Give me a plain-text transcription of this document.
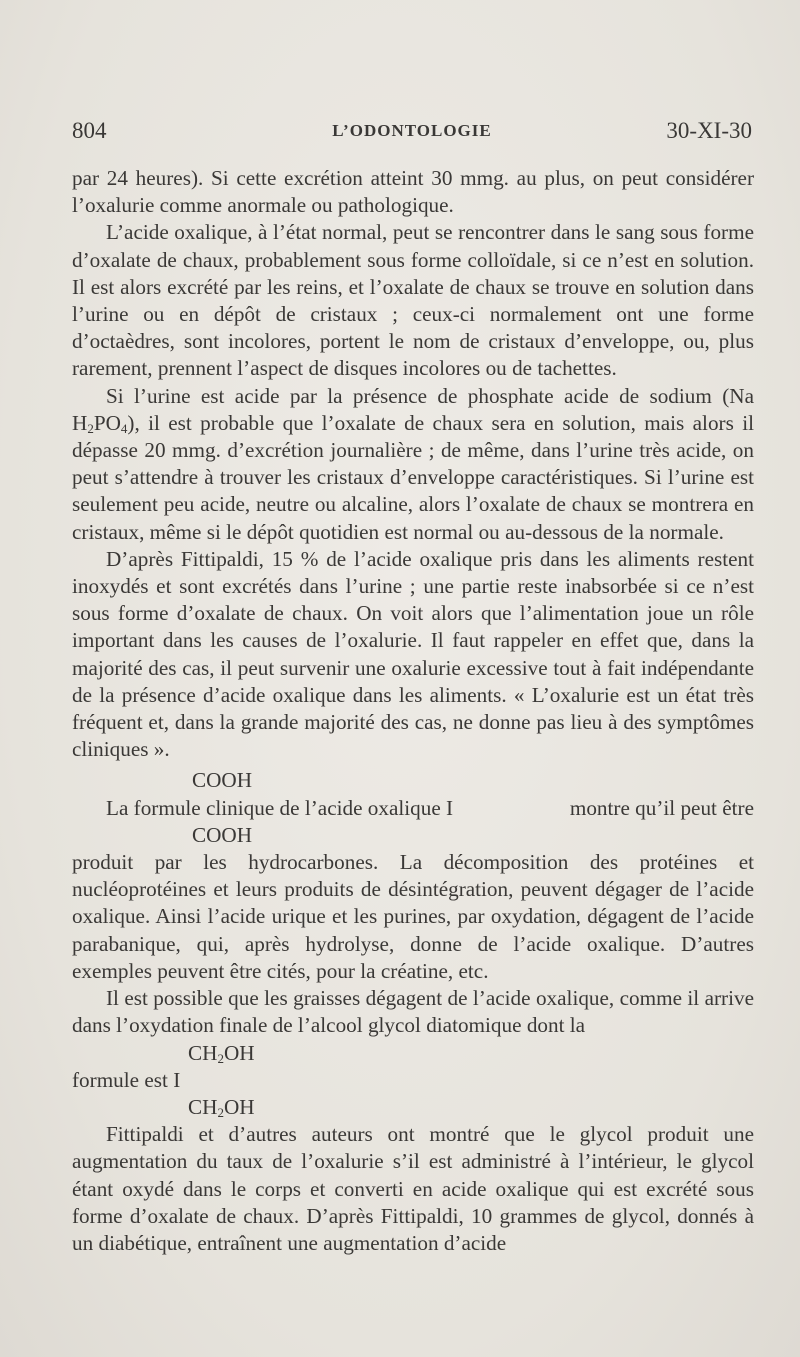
804	L’ODONTOLOGIE	30-XI-30

par 24 heures). Si cette excrétion atteint 30 mmg. au plus, on peut considérer l’oxalurie comme anormale ou pathologique.

L’acide oxalique, à l’état normal, peut se rencontrer dans le sang sous forme d’oxalate de chaux, probablement sous forme colloïdale, si ce n’est en solution. Il est alors excrété par les reins, et l’oxalate de chaux se trouve en solution dans l’urine ou en dépôt de cristaux ; ceux-ci normalement ont une forme d’octaèdres, sont incolores, portent le nom de cristaux d’enveloppe, ou, plus rarement, prennent l’aspect de disques incolores ou de tachettes.

Si l’urine est acide par la présence de phosphate acide de sodium (Na $H_2PO_4$), il est probable que l’oxalate de chaux sera en solution, mais alors il dépasse 20 mmg. d’excrétion journalière ; de même, dans l’urine très acide, on peut s’attendre à trouver les cristaux d’enveloppe caractéristiques. Si l’urine est seulement peu acide, neutre ou alcaline, alors l’oxalate de chaux se montrera en cristaux, même si le dépôt quotidien est normal ou au-dessous de la normale.

D’après Fittipaldi, 15 % de l’acide oxalique pris dans les aliments restent inoxydés et sont excrétés dans l’urine ; une partie reste inabsorbée si ce n’est sous forme d’oxalate de chaux. On voit alors que l’alimentation joue un rôle important dans les causes de l’oxalurie. Il faut rappeler en effet que, dans la majorité des cas, il peut survenir une oxalurie excessive tout à fait indépendante de la présence d’acide oxalique dans les aliments. « L’oxalurie est un état très fréquent et, dans la grande majorité des cas, ne donne pas lieu à des symptômes cliniques ».

COOH

La formule clinique de l’acide oxalique I	montre qu’il peut être

COOH

produit par les hydrocarbones. La décomposition des protéines et nucléoprotéines et leurs produits de désintégration, peuvent dégager de l’acide oxalique. Ainsi l’acide urique et les purines, par oxydation, dégagent de l’acide parabanique, qui, après hydrolyse, donne de l’acide oxalique. D’autres exemples peuvent être cités, pour la créatine, etc.

Il est possible que les graisses dégagent de l’acide oxalique, comme il arrive dans l’oxydation finale de l’alcool glycol diatomique dont la

$CH_2OH$
formule est I
$CH_2OH$

Fittipaldi et d’autres auteurs ont montré que le glycol produit une augmentation du taux de l’oxalurie s’il est administré à l’intérieur, le glycol étant oxydé dans le corps et converti en acide oxalique qui est excrété sous forme d’oxalate de chaux. D’après Fittipaldi, 10 grammes de glycol, donnés à un diabétique, entraînent une augmentation d’acide
